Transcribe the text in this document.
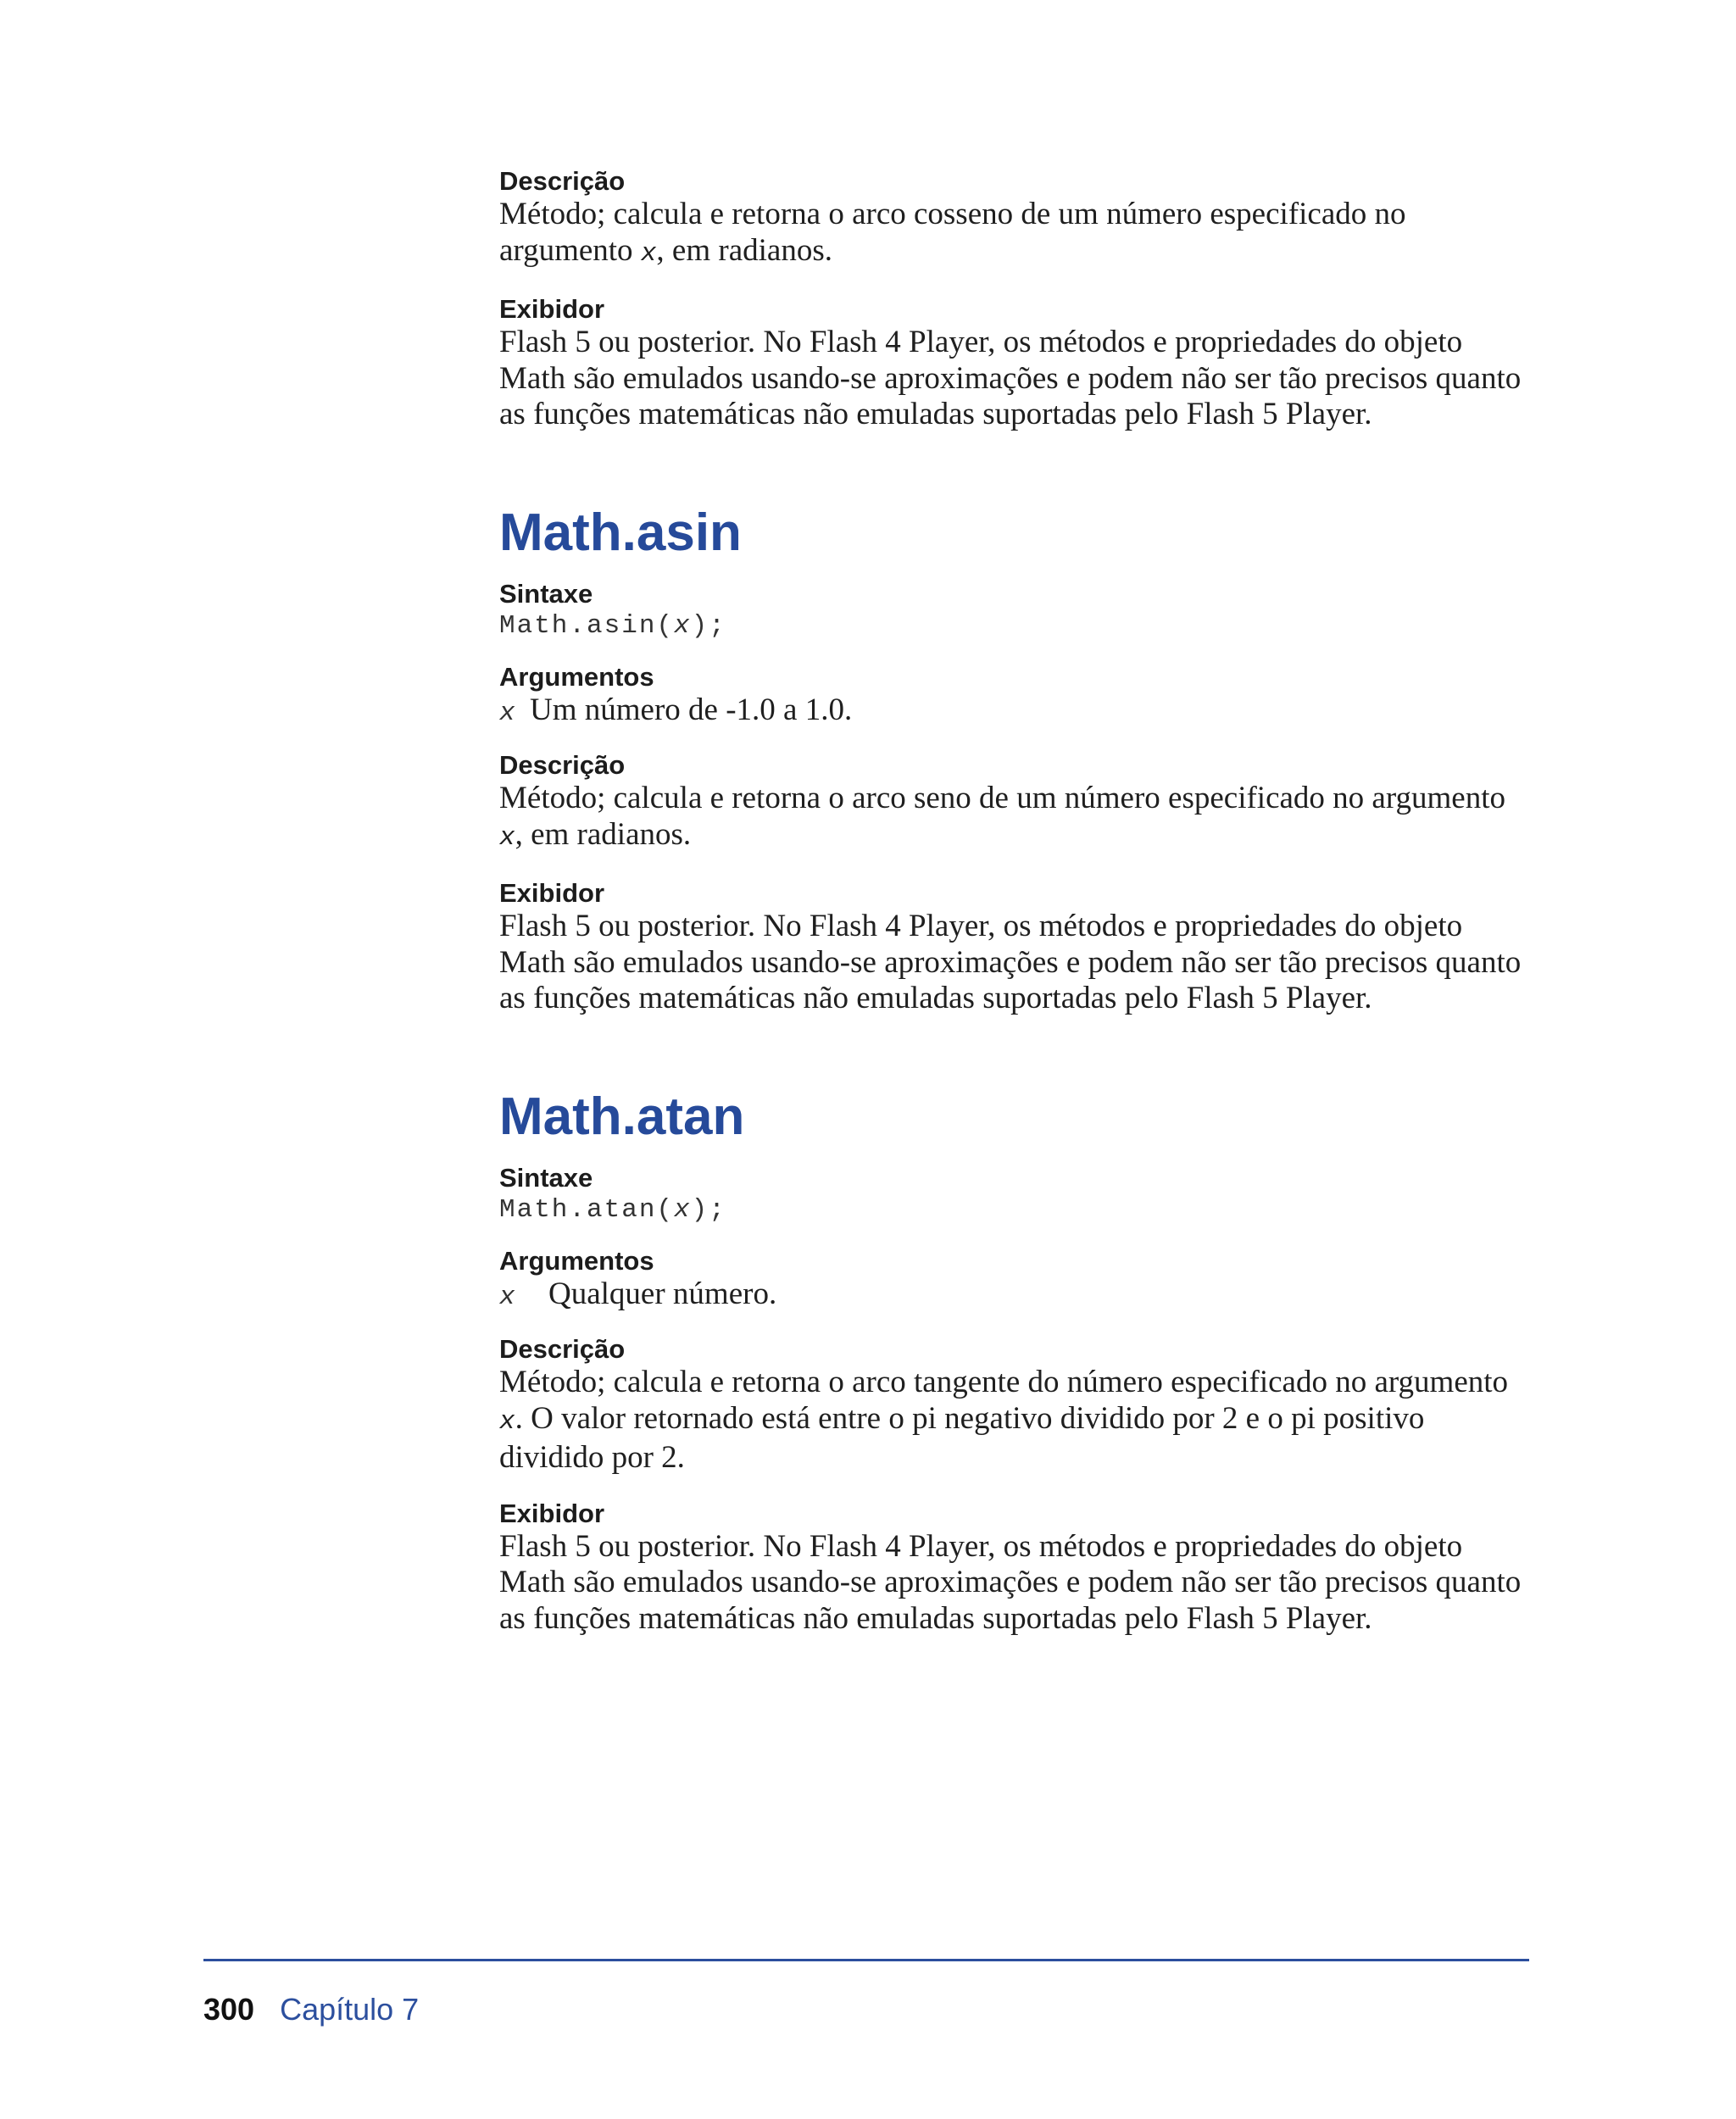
Descrição

Método; calcula e retorna o arco cosseno de um número especificado no
argumento x, em radianos.

Exibidor

Flash 5 ou posterior. No Flash 4 Player, os métodos e propriedades do objeto
Math são emulados usando-se aproximações e podem não ser tão precisos quanto
as funções matemáticas não emuladas suportadas pelo Flash 5 Player.

Math.asin

Sintaxe

Math.asin(x);

Argumentos

x Um número de -1.0 a 1.0.

Descrição

Método; calcula e retorna o arco seno de um número especificado no argumento
x, em radianos.

Exibidor

Flash 5 ou posterior. No Flash 4 Player, os métodos e propriedades do objeto
Math são emulados usando-se aproximações e podem não ser tão precisos quanto
as funções matemáticas não emuladas suportadas pelo Flash 5 Player.

Math.atan

Sintaxe

Math.atan(x);

Argumentos

x	Qualquer número.

Descrição

Método; calcula e retorna o arco tangente do número especificado no argumento
x. O valor retornado está entre o pi negativo dividido por 2 e o pi positivo
dividido por 2.

Exibidor

Flash 5 ou posterior. No Flash 4 Player, os métodos e propriedades do objeto
Math são emulados usando-se aproximações e podem não ser tão precisos quanto
as funções matemáticas não emuladas suportadas pelo Flash 5 Player.

300 Capítulo 7
